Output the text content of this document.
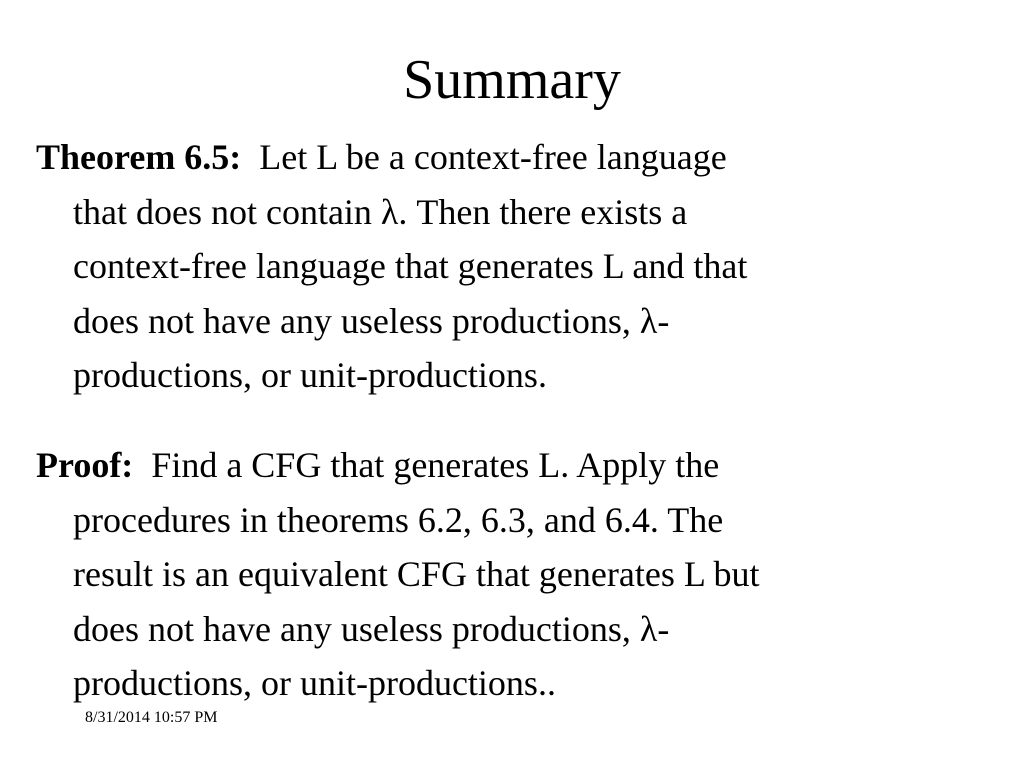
Summary
Theorem 6.5: Let L be a context-free language
that does not contain λ. Then there exists a
context-free language that generates L and that
does not have any useless productions, λ-
productions, or unit-productions.
Proof: Find a CFG that generates L. Apply the
procedures in theorems 6.2, 6.3, and 6.4. The
result is an equivalent CFG that generates L but
does not have any useless productions, λ-
productions, or unit-productions..
8/31/2014 10:57 PM
